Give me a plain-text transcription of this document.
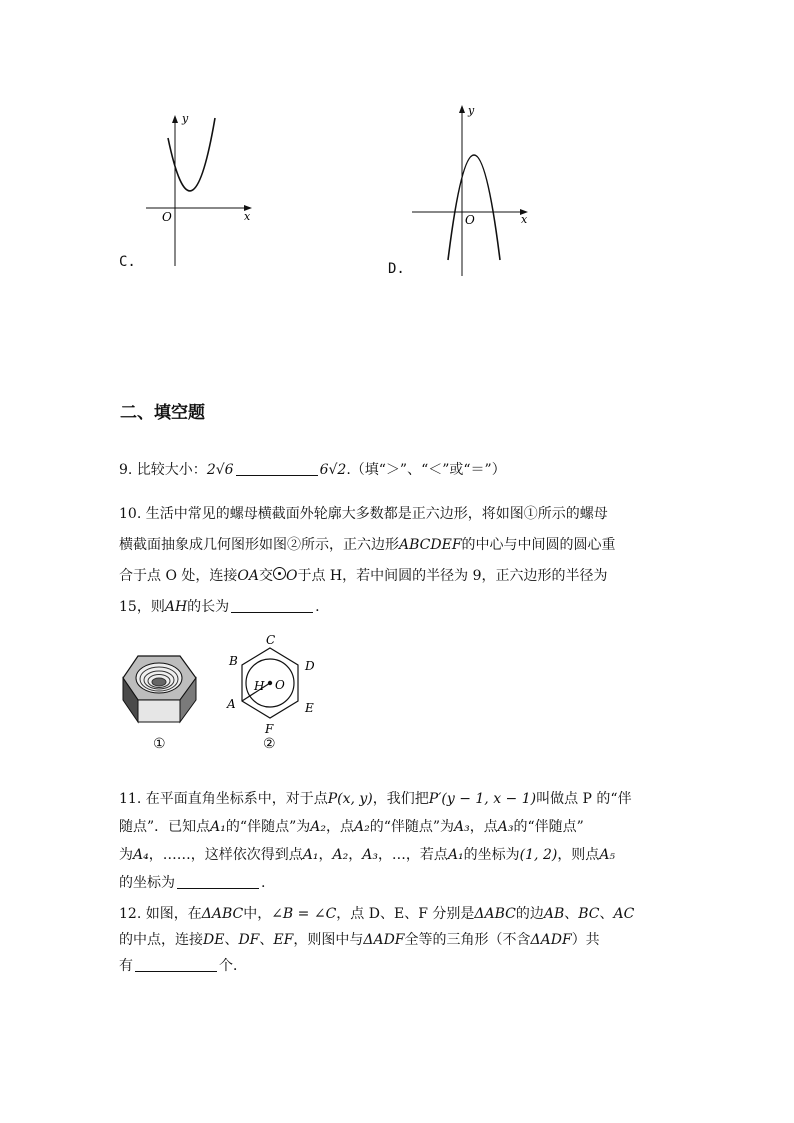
y
x
O
C.
y
x
O
D.
二、填空题
9. 比较大小：2√6	6√2.（填“＞”、“＜”或“＝”）
10. 生活中常见的螺母横截面外轮廓大多数都是正六边形，将如图①所示的螺母
横截面抽象成几何图形如图②所示，正六边形ABCDEF的中心与中间圆的圆心重
合于点 O 处，连接OA交 O于点 H，若中间圆的半径为 9，正六边形的半径为
15，则AH的长为	.
①
C
B	D
E
A
F
H O
②
11. 在平面直角坐标系中，对于点P(x, y)，我们把P′(y − 1, x − 1)叫做点 P 的“伴
随点”．已知点A₁的“伴随点”为A₂，点A₂的“伴随点”为A₃，点A₃的“伴随点”
为A₄，……，这样依次得到点A₁，A₂，A₃，…，若点A₁的坐标为(1, 2)，则点A₅
的坐标为	.
12. 如图，在ΔABC中，∠B = ∠C，点 D、E、F 分别是ΔABC的边AB、BC、AC
的中点，连接DE、DF、EF，则图中与ΔADF全等的三角形（不含ΔADF）共
有	个．
